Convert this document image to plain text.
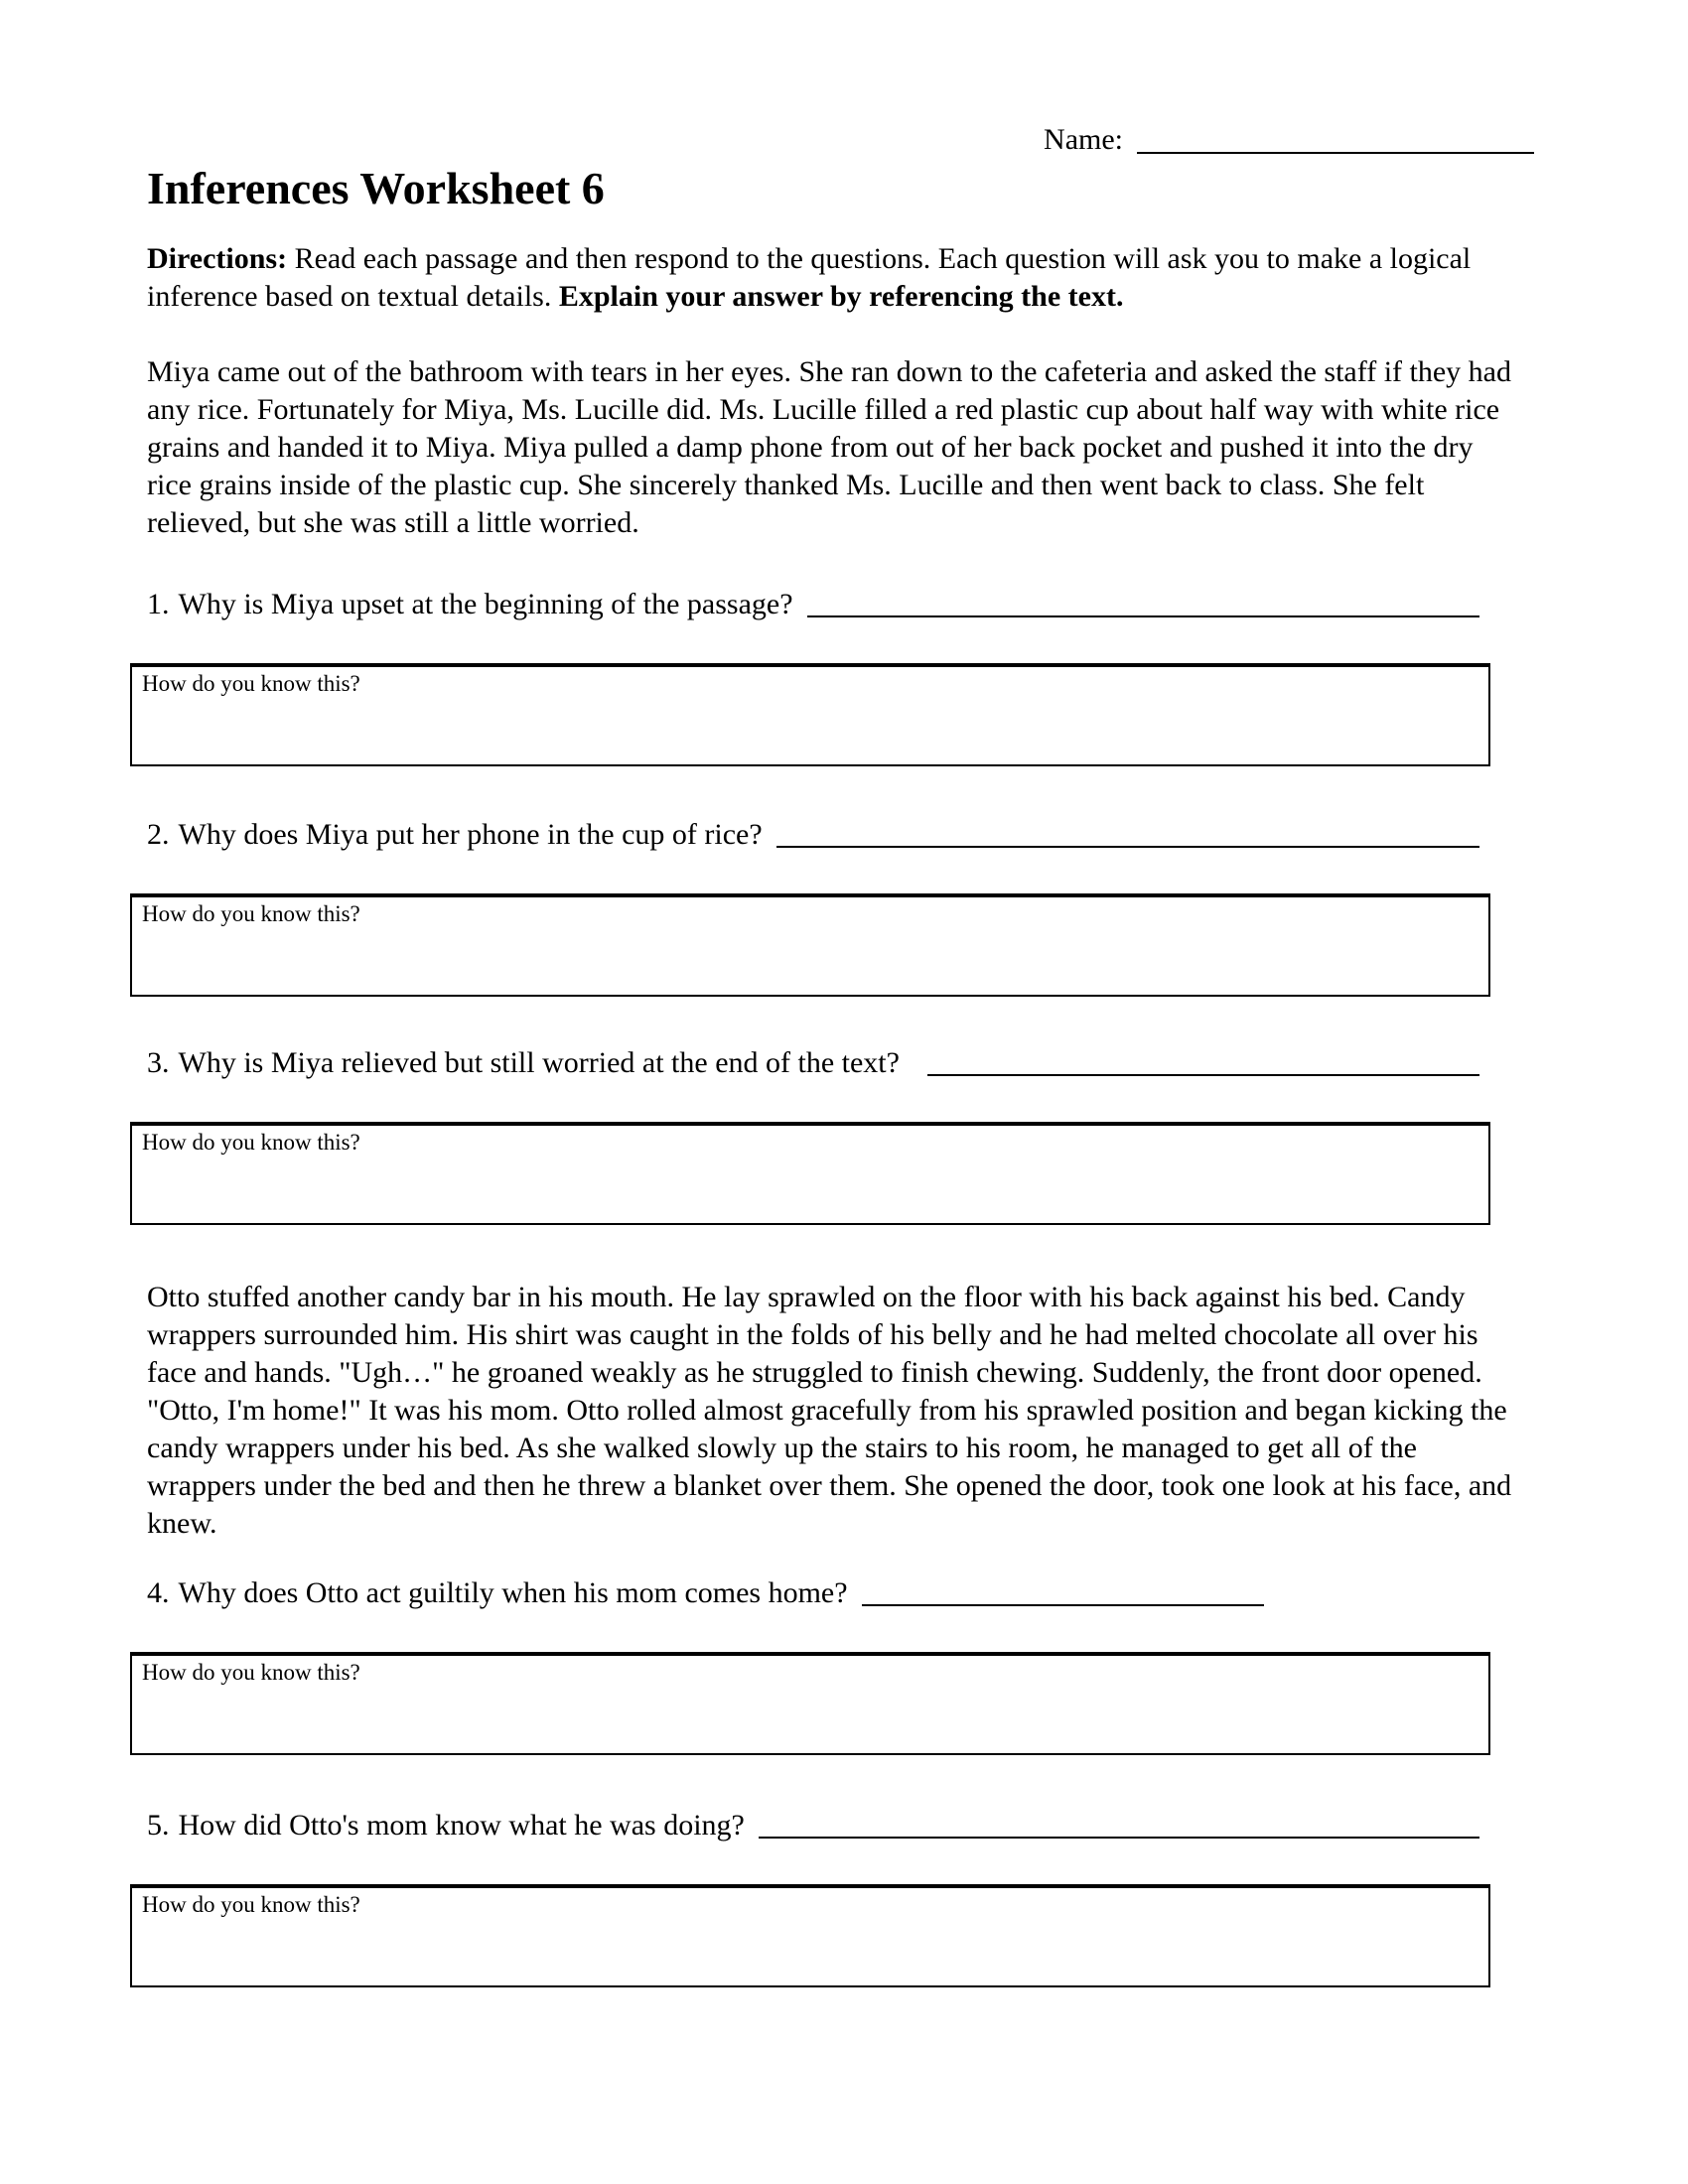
Name:
Inferences Worksheet 6
Directions: Read each passage and then respond to the questions. Each question will ask you to make a logical inference based on textual details. Explain your answer by referencing the text.
Miya came out of the bathroom with tears in her eyes. She ran down to the cafeteria and asked the staff if they had any rice. Fortunately for Miya, Ms. Lucille did. Ms. Lucille filled a red plastic cup about half way with white rice grains and handed it to Miya. Miya pulled a damp phone from out of her back pocket and pushed it into the dry rice grains inside of the plastic cup. She sincerely thanked Ms. Lucille and then went back to class. She felt relieved, but she was still a little worried.
1. Why is Miya upset at the beginning of the passage?
How do you know this?
2. Why does Miya put her phone in the cup of rice?
How do you know this?
3. Why is Miya relieved but still worried at the end of the text?
How do you know this?
Otto stuffed another candy bar in his mouth. He lay sprawled on the floor with his back against his bed. Candy wrappers surrounded him. His shirt was caught in the folds of his belly and he had melted chocolate all over his face and hands. "Ugh…" he groaned weakly as he struggled to finish chewing. Suddenly, the front door opened. "Otto, I'm home!" It was his mom. Otto rolled almost gracefully from his sprawled position and began kicking the candy wrappers under his bed. As she walked slowly up the stairs to his room, he managed to get all of the wrappers under the bed and then he threw a blanket over them. She opened the door, took one look at his face, and knew.
4. Why does Otto act guiltily when his mom comes home?
How do you know this?
5. How did Otto's mom know what he was doing?
How do you know this?
